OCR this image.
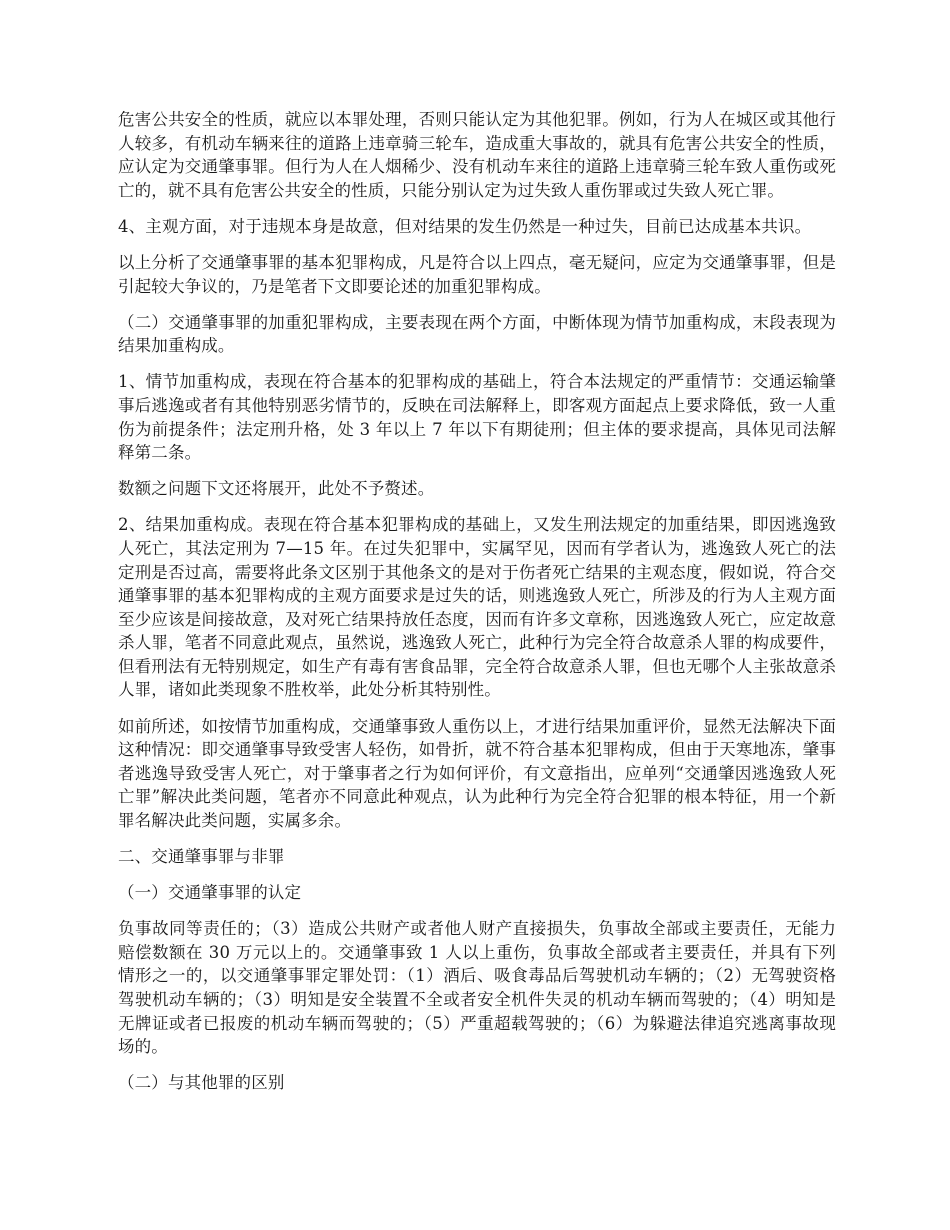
危害公共安全的性质，就应以本罪处理，否则只能认定为其他犯罪。例如，行为人在城区或其他行人较多，有机动车辆来往的道路上违章骑三轮车，造成重大事故的，就具有危害公共安全的性质，应认定为交通肇事罪。但行为人在人烟稀少、没有机动车来往的道路上违章骑三轮车致人重伤或死亡的，就不具有危害公共安全的性质，只能分别认定为过失致人重伤罪或过失致人死亡罪。

4、主观方面，对于违规本身是故意，但对结果的发生仍然是一种过失，目前已达成基本共识。

以上分析了交通肇事罪的基本犯罪构成，凡是符合以上四点，毫无疑问，应定为交通肇事罪，但是引起较大争议的，乃是笔者下文即要论述的加重犯罪构成。

（二）交通肇事罪的加重犯罪构成，主要表现在两个方面，中断体现为情节加重构成，末段表现为结果加重构成。

1、情节加重构成，表现在符合基本的犯罪构成的基础上，符合本法规定的严重情节：交通运输肇事后逃逸或者有其他特别恶劣情节的，反映在司法解释上，即客观方面起点上要求降低，致一人重伤为前提条件；法定刑升格，处 3 年以上 7 年以下有期徒刑；但主体的要求提高，具体见司法解释第二条。

数额之问题下文还将展开，此处不予赘述。

2、结果加重构成。表现在符合基本犯罪构成的基础上，又发生刑法规定的加重结果，即因逃逸致人死亡，其法定刑为 7—15 年。在过失犯罪中，实属罕见，因而有学者认为，逃逸致人死亡的法定刑是否过高，需要将此条文区别于其他条文的是对于伤者死亡结果的主观态度，假如说，符合交通肇事罪的基本犯罪构成的主观方面要求是过失的话，则逃逸致人死亡，所涉及的行为人主观方面至少应该是间接故意，及对死亡结果持放任态度，因而有许多文章称，因逃逸致人死亡，应定故意杀人罪，笔者不同意此观点，虽然说，逃逸致人死亡，此种行为完全符合故意杀人罪的构成要件，但看刑法有无特别规定，如生产有毒有害食品罪，完全符合故意杀人罪，但也无哪个人主张故意杀人罪，诸如此类现象不胜枚举，此处分析其特别性。

如前所述，如按情节加重构成，交通肇事致人重伤以上，才进行结果加重评价，显然无法解决下面这种情况：即交通肇事导致受害人轻伤，如骨折，就不符合基本犯罪构成，但由于天寒地冻，肇事者逃逸导致受害人死亡，对于肇事者之行为如何评价，有文意指出，应单列“交通肇因逃逸致人死亡罪”解决此类问题，笔者亦不同意此种观点，认为此种行为完全符合犯罪的根本特征，用一个新罪名解决此类问题，实属多余。

二、交通肇事罪与非罪

（一）交通肇事罪的认定

负事故同等责任的；（3）造成公共财产或者他人财产直接损失，负事故全部或主要责任，无能力赔偿数额在 30 万元以上的。交通肇事致 1 人以上重伤，负事故全部或者主要责任，并具有下列情形之一的，以交通肇事罪定罪处罚：（1）酒后、吸食毒品后驾驶机动车辆的；（2）无驾驶资格驾驶机动车辆的；（3）明知是安全装置不全或者安全机件失灵的机动车辆而驾驶的；（4）明知是无牌证或者已报废的机动车辆而驾驶的；（5）严重超载驾驶的；（6）为躲避法律追究逃离事故现场的。

（二）与其他罪的区别
